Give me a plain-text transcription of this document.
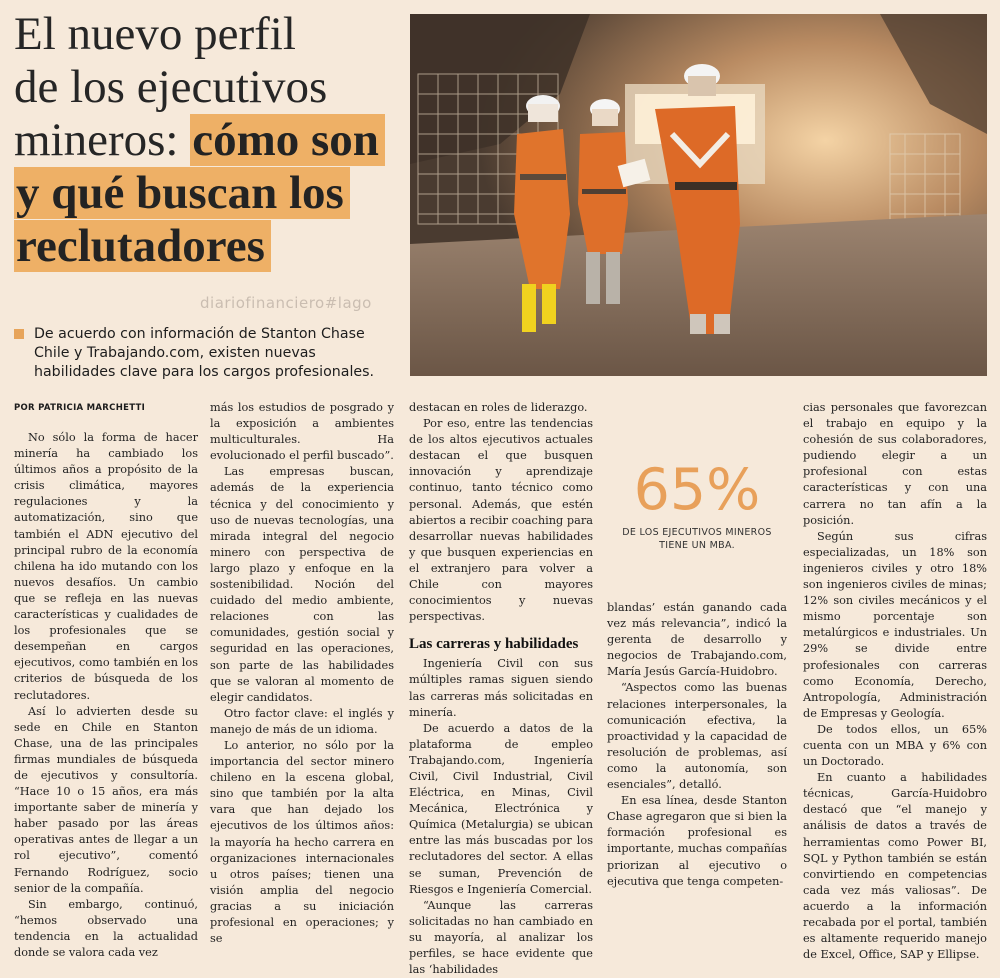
El nuevo perfil
de los ejecutivos
mineros: cómo son
y qué buscan los
reclutadores
diariofinanciero#lago

De acuerdo con información de Stanton Chase Chile y Trabajando.com, existen nuevas habilidades clave para los cargos profesionales.

POR PATRICIA MARCHETTI

No sólo la forma de hacer minería ha cambiado los últimos años a propósito de la crisis climática, mayores regulaciones y la automatización, sino que también el ADN ejecutivo del principal rubro de la economía chilena ha ido mutando con los nuevos desafíos. Un cambio que se refleja en las nuevas características y cualidades de los profesionales que se desempeñan en cargos ejecutivos, como también en los criterios de búsqueda de los reclutadores.

Así lo advierten desde su sede en Chile en Stanton Chase, una de las principales firmas mundiales de búsqueda de ejecutivos y consultoría. “Hace 10 o 15 años, era más importante saber de minería y haber pasado por las áreas operativas antes de llegar a un rol ejecutivo”, comentó Fernando Rodríguez, socio senior de la compañía.

Sin embargo, continuó, “hemos observado una tendencia en la actualidad donde se valora cada vez

más los estudios de posgrado y la exposición a ambientes multiculturales. Ha evolucionado el perfil buscado”.

Las empresas buscan, además de la experiencia técnica y del conocimiento y uso de nuevas tecnologías, una mirada integral del negocio minero con perspectiva de largo plazo y enfoque en la sostenibilidad. Noción del cuidado del medio ambiente, relaciones con las comunidades, gestión social y seguridad en las operaciones, son parte de las habilidades que se valoran al momento de elegir candidatos.

Otro factor clave: el inglés y manejo de más de un idioma.

Lo anterior, no sólo por la importancia del sector minero chileno en la escena global, sino que también por la alta vara que han dejado los ejecutivos de los últimos años: la mayoría ha hecho carrera en organizaciones internacionales u otros países; tienen una visión amplia del negocio gracias a su iniciación profesional en operaciones; y se

destacan en roles de liderazgo.

Por eso, entre las tendencias de los altos ejecutivos actuales destacan el que busquen innovación y aprendizaje continuo, tanto técnico como personal. Además, que estén abiertos a recibir coaching para desarrollar nuevas habilidades y que busquen experiencias en el extranjero para volver a Chile con mayores conocimientos y nuevas perspectivas.

Las carreras y habilidades

Ingeniería Civil con sus múltiples ramas siguen siendo las carreras más solicitadas en minería.

De acuerdo a datos de la plataforma de empleo Trabajando.com, Ingeniería Civil, Civil Industrial, Civil Eléctrica, en Minas, Civil Mecánica, Electrónica y Química (Metalurgia) se ubican entre las más buscadas por los reclutadores del sector. A ellas se suman, Prevención de Riesgos e Ingeniería Comercial.

“Aunque las carreras solicitadas no han cambiado en su mayoría, al analizar los perfiles, se hace evidente que las ‘habilidades

65%
DE LOS EJECUTIVOS MINEROS
TIENE UN MBA.

blandas’ están ganando cada vez más relevancia”, indicó la gerenta de desarrollo y negocios de Trabajando.com, María Jesús García-Huidobro.

“Aspectos como las buenas relaciones interpersonales, la comunicación efectiva, la proactividad y la capacidad de resolución de problemas, así como la autonomía, son esenciales”, detalló.

En esa línea, desde Stanton Chase agregaron que si bien la formación profesional es importante, muchas compañías priorizan al ejecutivo o ejecutiva que tenga competen-

cias personales que favorezcan el trabajo en equipo y la cohesión de sus colaboradores, pudiendo elegir a un profesional con estas características y con una carrera no tan afín a la posición.

Según sus cifras especializadas, un 18% son ingenieros civiles y otro 18% son ingenieros civiles de minas; 12% son civiles mecánicos y el mismo porcentaje son metalúrgicos e industriales. Un 29% se divide entre profesionales con carreras como Economía, Derecho, Antropología, Administración de Empresas y Geología.

De todos ellos, un 65% cuenta con un MBA y 6% con un Doctorado.

En cuanto a habilidades técnicas, García-Huidobro destacó que “el manejo y análisis de datos a través de herramientas como Power BI, SQL y Python también se están convirtiendo en competencias cada vez más valiosas”. De acuerdo a la información recabada por el portal, también es altamente requerido manejo de Excel, Office, SAP y Ellipse.
